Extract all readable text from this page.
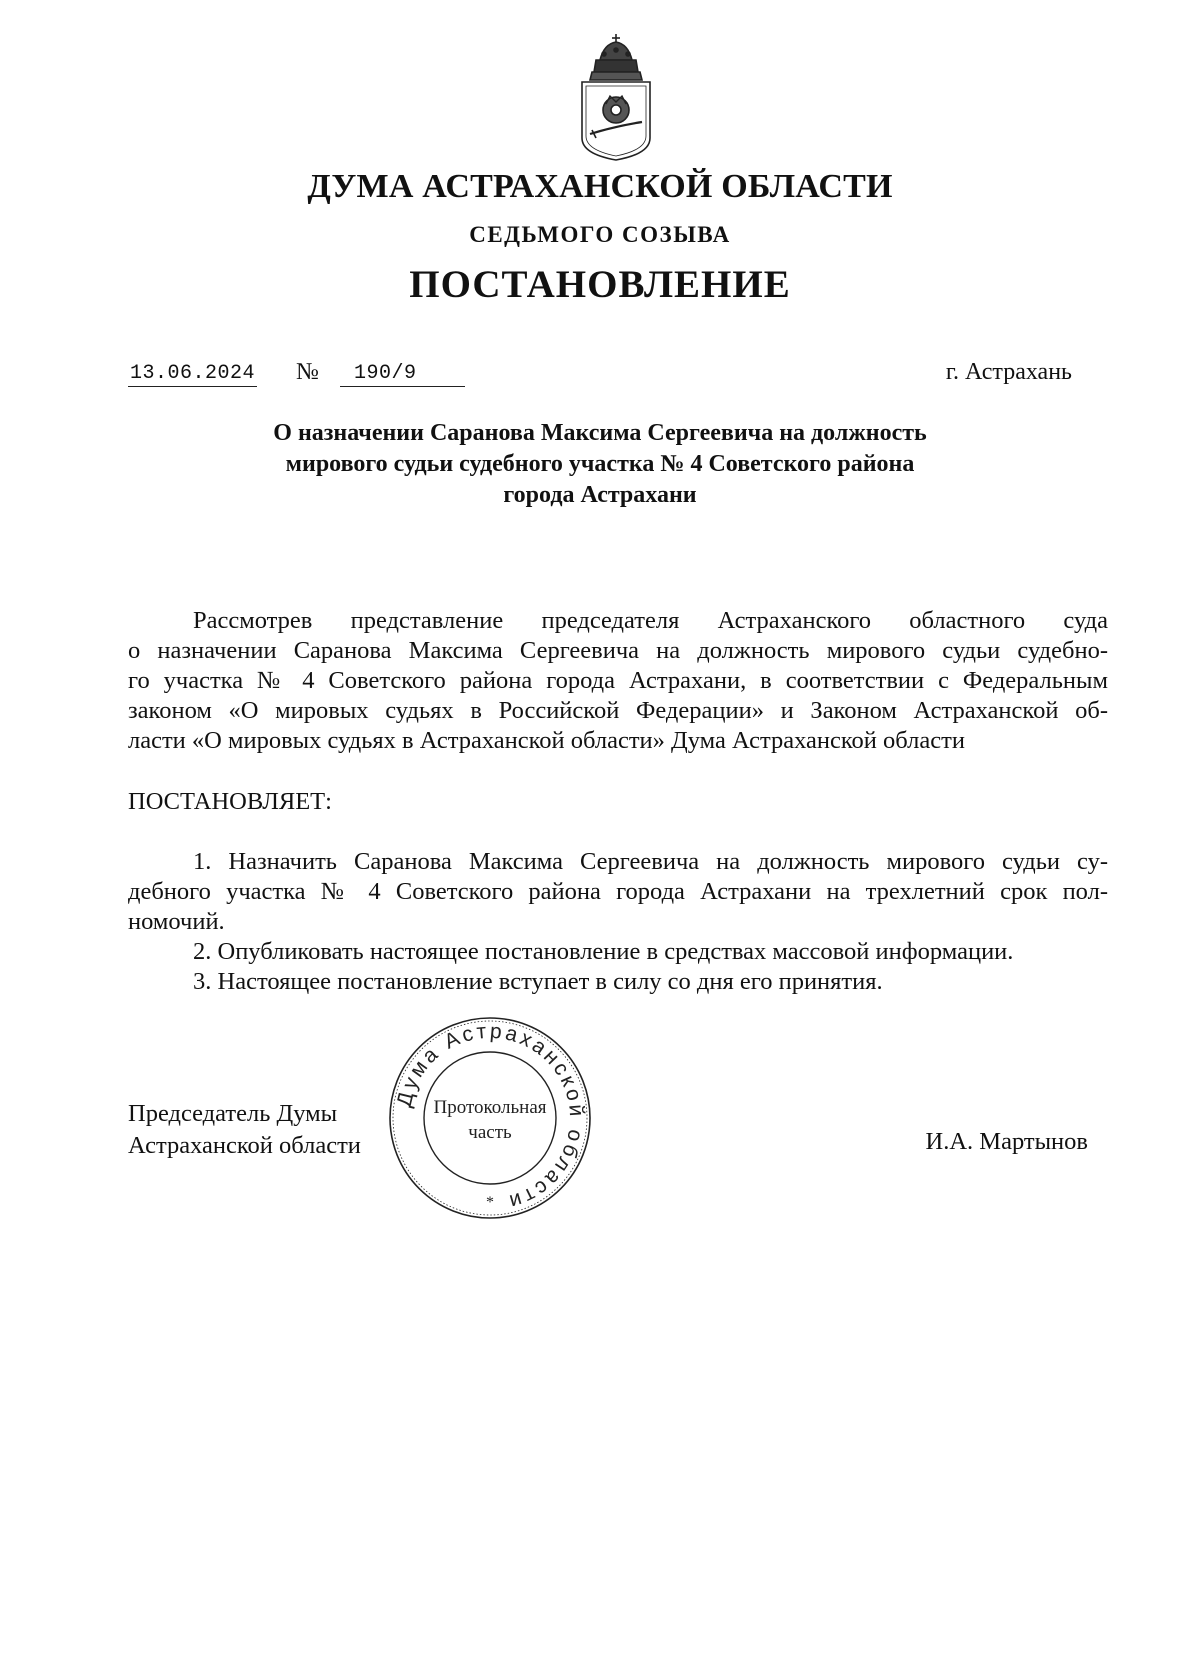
ДУМА АСТРАХАНСКОЙ ОБЛАСТИ
СЕДЬМОГО СОЗЫВА
ПОСТАНОВЛЕНИЕ
13.06.2024 №	190/9	г. Астрахань
О назначении Саранова Максима Сергеевича на должность
мирового судьи судебного участка № 4 Советского района
города Астрахани
Рассмотрев представление председателя Астраханского областного суда
о назначении Саранова Максима Сергеевича на должность мирового судьи судебно-
го участка № 4 Советского района города Астрахани, в соответствии с Федеральным
законом «О мировых судьях в Российской Федерации» и Законом Астраханской об-
ласти «О мировых судьях в Астраханской области» Дума Астраханской области
ПОСТАНОВЛЯЕТ:
1. Назначить Саранова Максима Сергеевича на должность мирового судьи су-
дебного участка № 4 Советского района города Астрахани на трехлетний срок пол-
номочий.
2. Опубликовать настоящее постановление в средствах массовой информации.
3. Настоящее постановление вступает в силу со дня его принятия.
Председатель Думы
Астраханской области
Дума Астраханской области
Протокольная
часть
*
И.А. Мартынов
